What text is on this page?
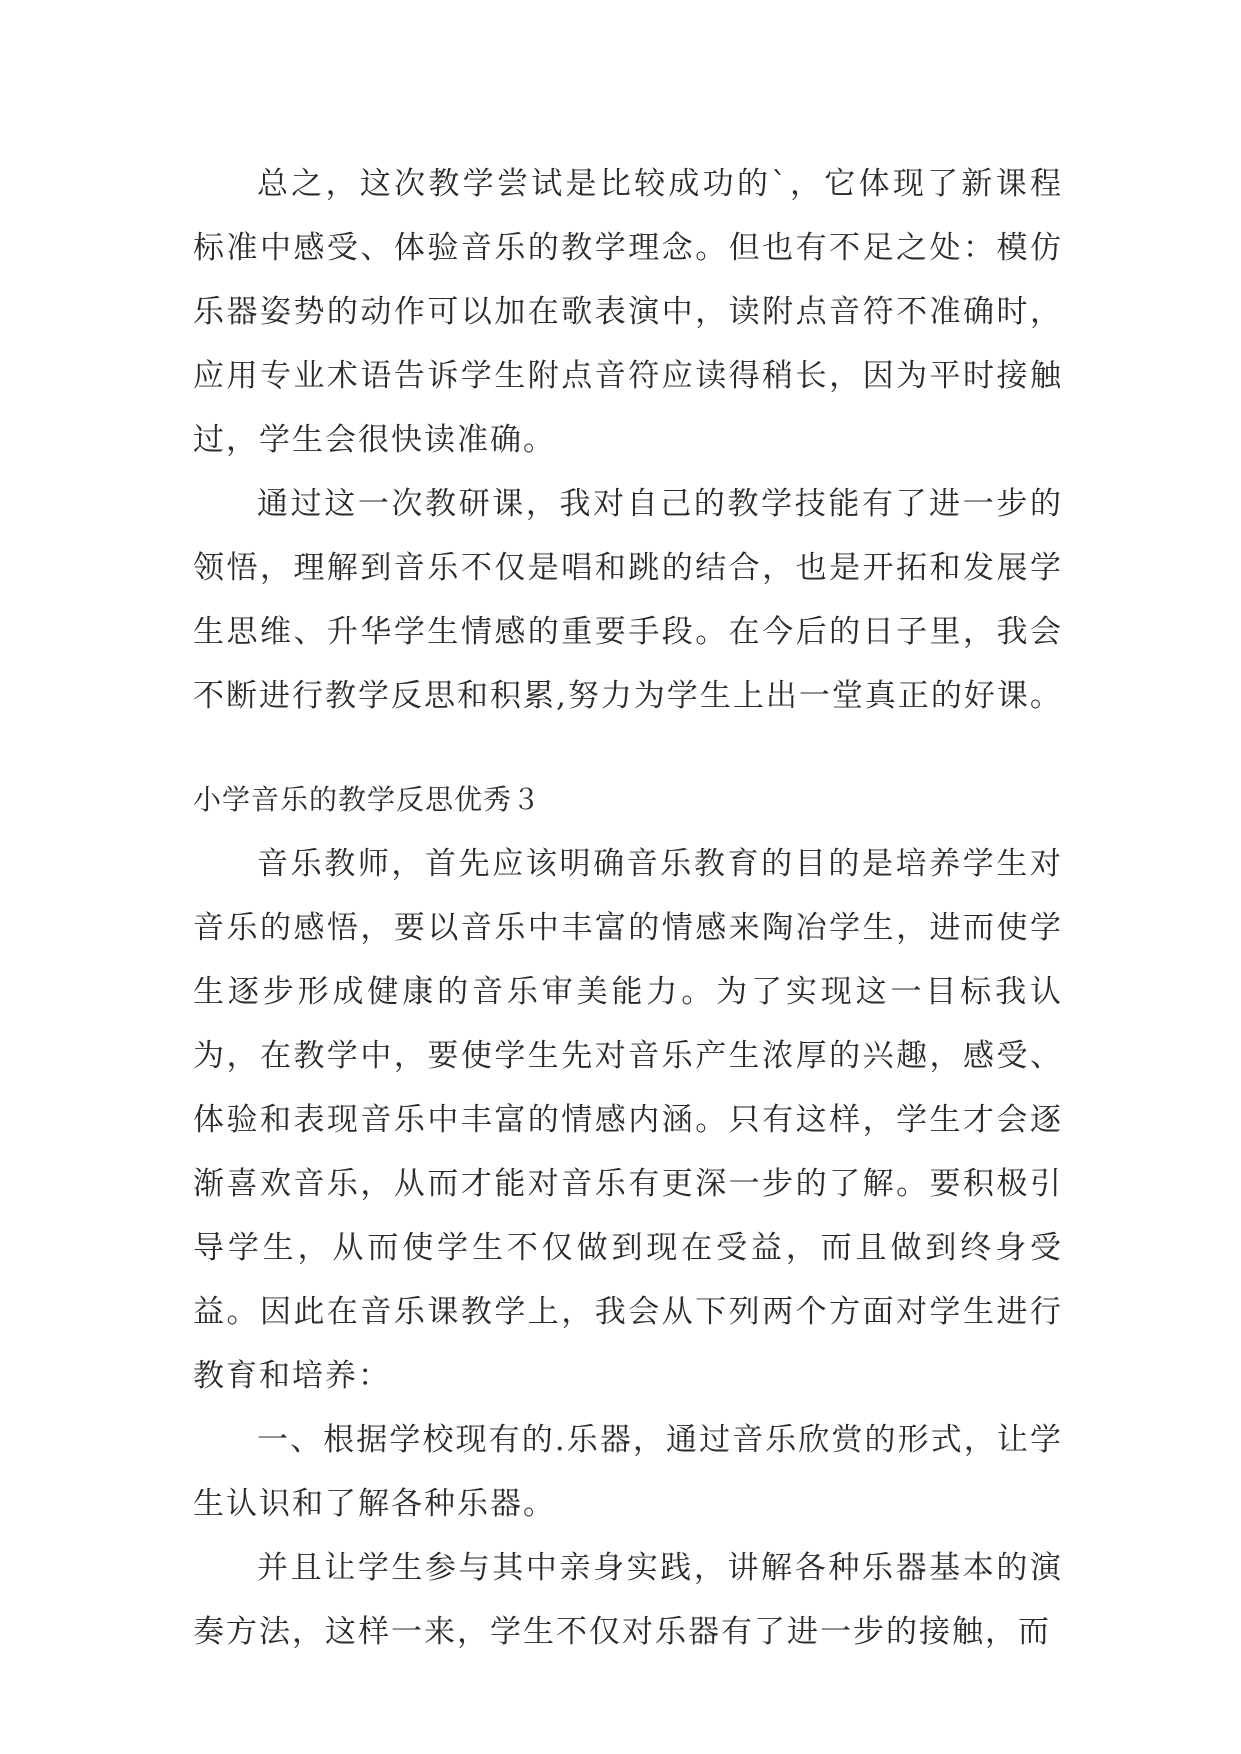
总之，这次教学尝试是比较成功的`，它体现了新课程标准中感受、体验音乐的教学理念。但也有不足之处：模仿乐器姿势的动作可以加在歌表演中，读附点音符不准确时，应用专业术语告诉学生附点音符应读得稍长，因为平时接触过，学生会很快读准确。

通过这一次教研课，我对自己的教学技能有了进一步的领悟，理解到音乐不仅是唱和跳的结合，也是开拓和发展学生思维、升华学生情感的重要手段。在今后的日子里，我会不断进行教学反思和积累,努力为学生上出一堂真正的好课。

小学音乐的教学反思优秀３

音乐教师，首先应该明确音乐教育的目的是培养学生对音乐的感悟，要以音乐中丰富的情感来陶冶学生，进而使学生逐步形成健康的音乐审美能力。为了实现这一目标我认为，在教学中，要使学生先对音乐产生浓厚的兴趣，感受、体验和表现音乐中丰富的情感内涵。只有这样，学生才会逐渐喜欢音乐，从而才能对音乐有更深一步的了解。要积极引导学生，从而使学生不仅做到现在受益，而且做到终身受益。因此在音乐课教学上，我会从下列两个方面对学生进行教育和培养：

一、根据学校现有的.乐器，通过音乐欣赏的形式，让学生认识和了解各种乐器。

并且让学生参与其中亲身实践，讲解各种乐器基本的演奏方法，这样一来，学生不仅对乐器有了进一步的接触，而
